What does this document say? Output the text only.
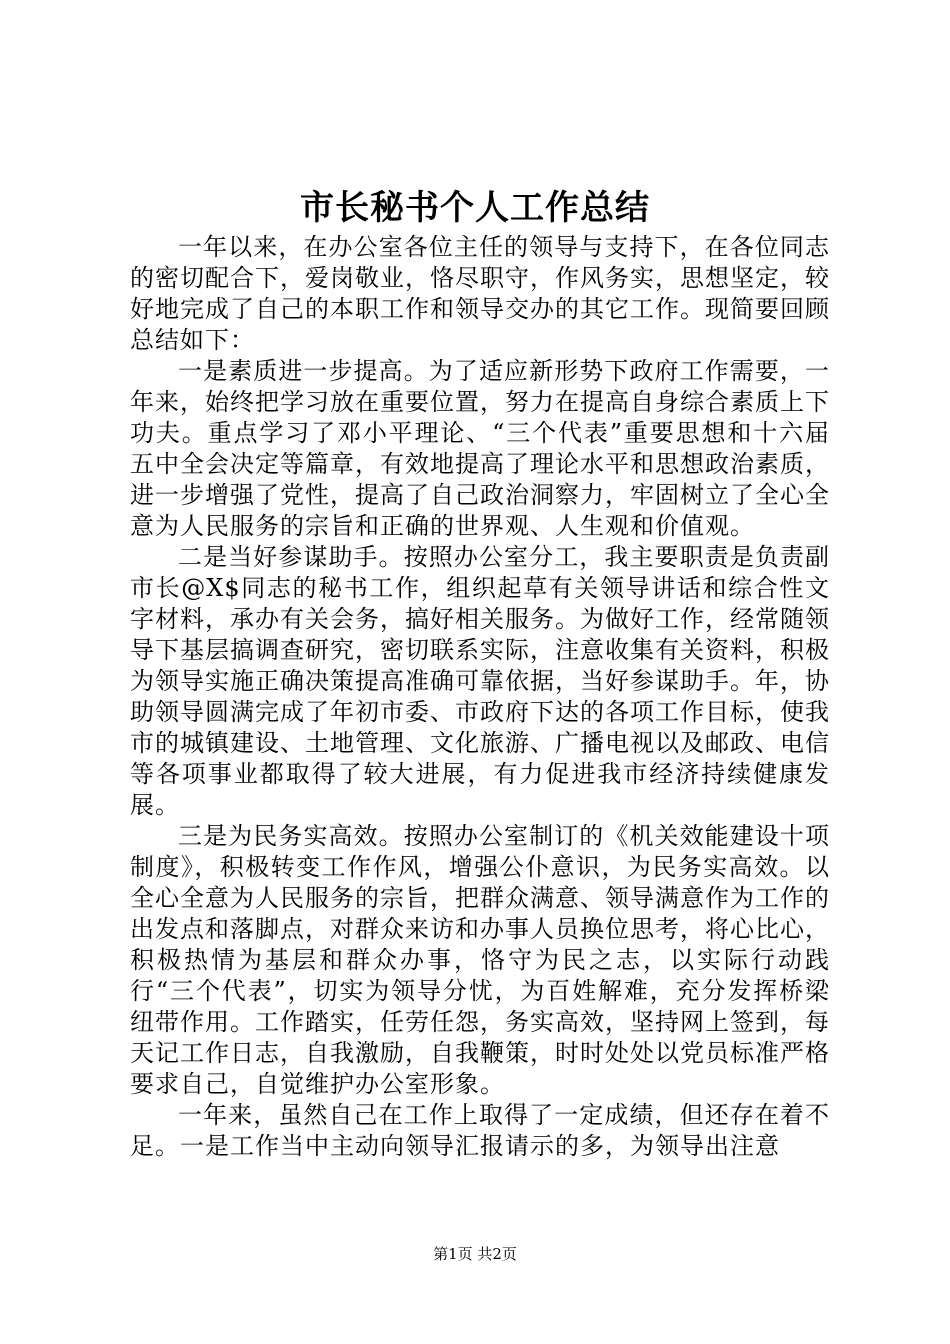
市长秘书个人工作总结

一年以来，在办公室各位主任的领导与支持下，在各位同志的密切配合下，爱岗敬业，恪尽职守，作风务实，思想坚定，较好地完成了自己的本职工作和领导交办的其它工作。现简要回顾总结如下：

一是素质进一步提高。为了适应新形势下政府工作需要，一年来，始终把学习放在重要位置，努力在提高自身综合素质上下功夫。重点学习了邓小平理论、“三个代表”重要思想和十六届五中全会决定等篇章，有效地提高了理论水平和思想政治素质，进一步增强了党性，提高了自己政治洞察力，牢固树立了全心全意为人民服务的宗旨和正确的世界观、人生观和价值观。

二是当好参谋助手。按照办公室分工，我主要职责是负责副市长@X$同志的秘书工作，组织起草有关领导讲话和综合性文字材料，承办有关会务，搞好相关服务。为做好工作，经常随领导下基层搞调查研究，密切联系实际，注意收集有关资料，积极为领导实施正确决策提高准确可靠依据，当好参谋助手。年，协助领导圆满完成了年初市委、市政府下达的各项工作目标，使我市的城镇建设、土地管理、文化旅游、广播电视以及邮政、电信等各项事业都取得了较大进展，有力促进我市经济持续健康发展。

三是为民务实高效。按照办公室制订的《机关效能建设十项制度》，积极转变工作作风，增强公仆意识，为民务实高效。以全心全意为人民服务的宗旨，把群众满意、领导满意作为工作的出发点和落脚点，对群众来访和办事人员换位思考，将心比心，积极热情为基层和群众办事，恪守为民之志，以实际行动践行“三个代表”，切实为领导分忧，为百姓解难，充分发挥桥梁纽带作用。工作踏实，任劳任怨，务实高效，坚持网上签到，每天记工作日志，自我激励，自我鞭策，时时处处以党员标准严格要求自己，自觉维护办公室形象。

一年来，虽然自己在工作上取得了一定成绩，但还存在着不足。一是工作当中主动向领导汇报请示的多，为领导出注意

第1页 共2页
